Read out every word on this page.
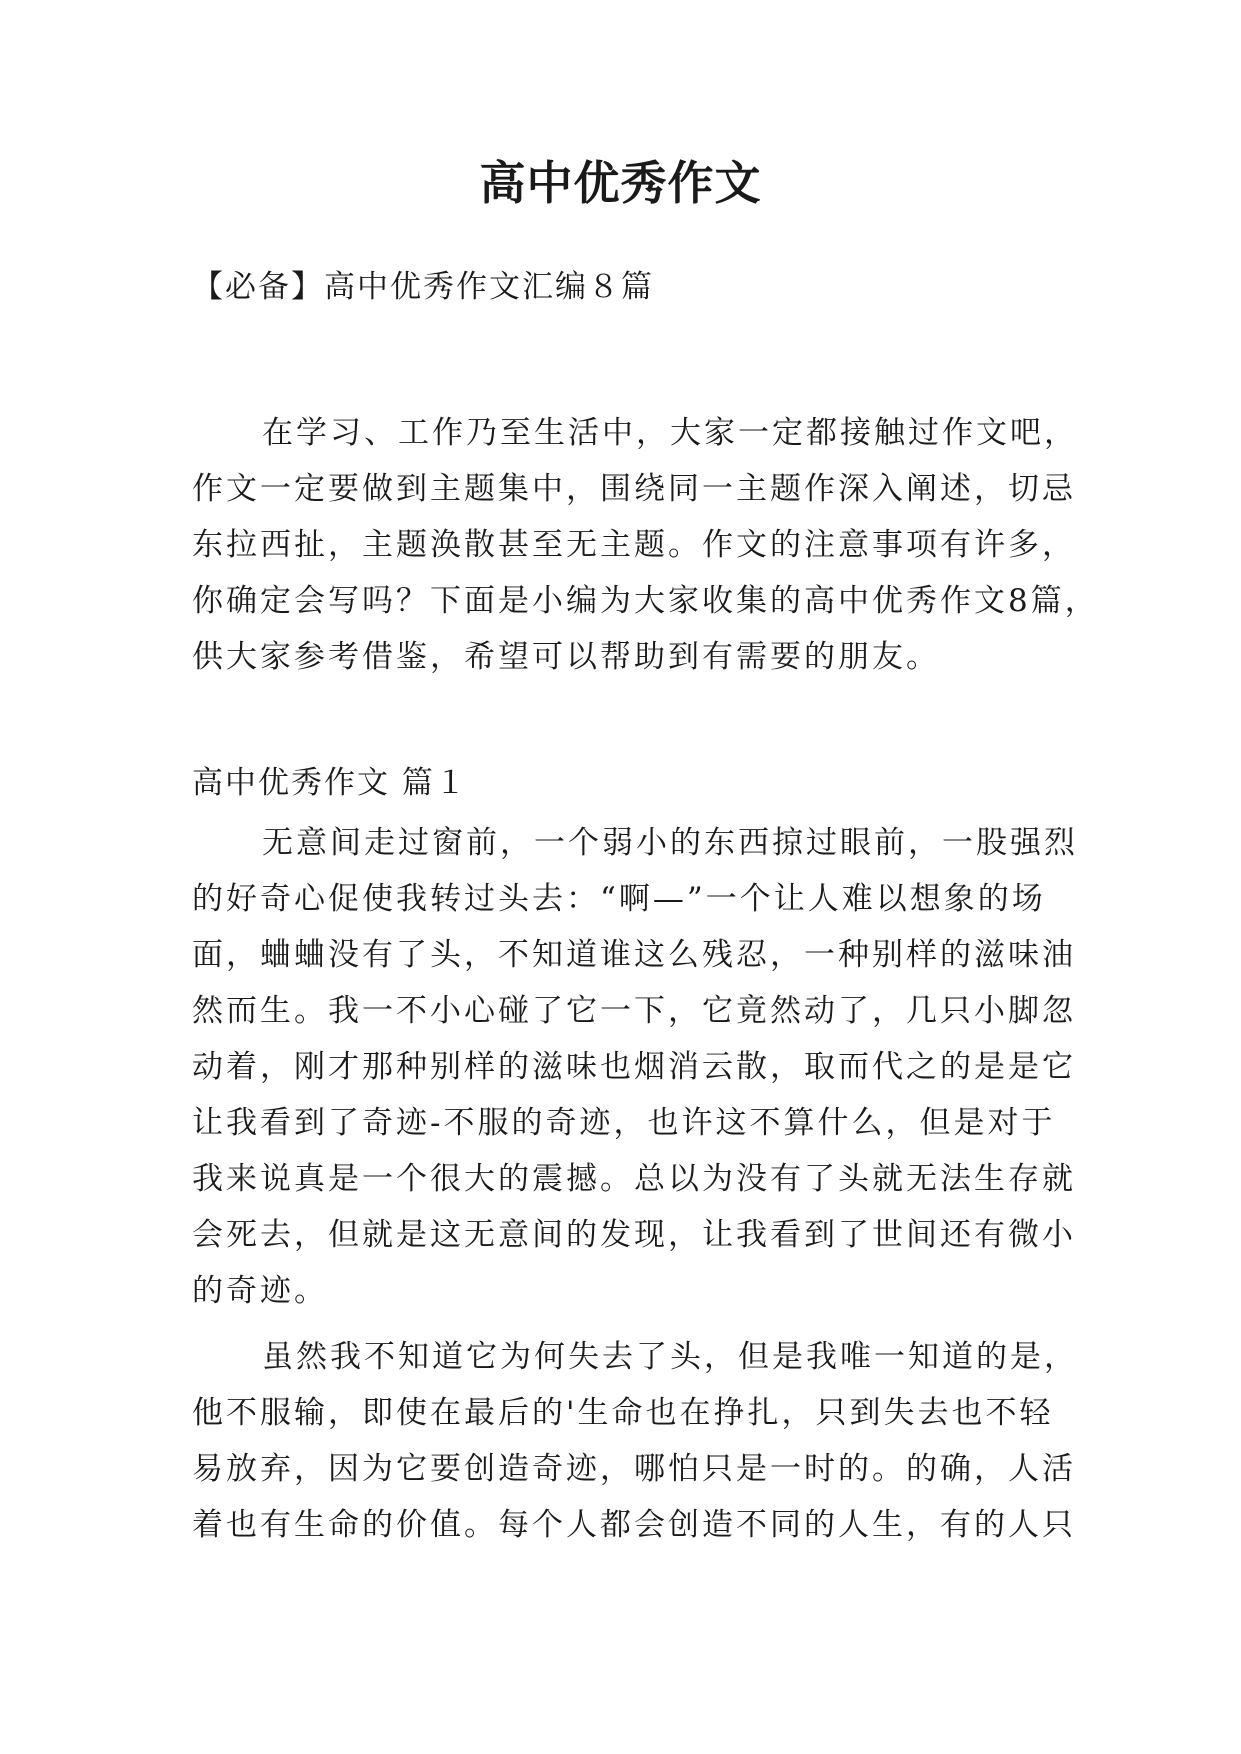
高中优秀作文
【必备】高中优秀作文汇编８篇
在学习、工作乃至生活中，大家一定都接触过作文吧，
作文一定要做到主题集中，围绕同一主题作深入阐述，切忌
东拉西扯，主题涣散甚至无主题。作文的注意事项有许多，
你确定会写吗？下面是小编为大家收集的高中优秀作文8篇，
供大家参考借鉴，希望可以帮助到有需要的朋友。
高中优秀作文 篇１
无意间走过窗前，一个弱小的东西掠过眼前，一股强烈
的好奇心促使我转过头去：“啊—”一个让人难以想象的场
面，蛐蛐没有了头，不知道谁这么残忍，一种别样的滋味油
然而生。我一不小心碰了它一下，它竟然动了，几只小脚忽
动着，刚才那种别样的滋味也烟消云散，取而代之的是是它
让我看到了奇迹-不服的奇迹，也许这不算什么，但是对于
我来说真是一个很大的震撼。总以为没有了头就无法生存就
会死去，但就是这无意间的发现，让我看到了世间还有微小
的奇迹。
虽然我不知道它为何失去了头，但是我唯一知道的是，
他不服输，即使在最后的'生命也在挣扎，只到失去也不轻
易放弃，因为它要创造奇迹，哪怕只是一时的。的确，人活
着也有生命的价值。每个人都会创造不同的人生，有的人只
